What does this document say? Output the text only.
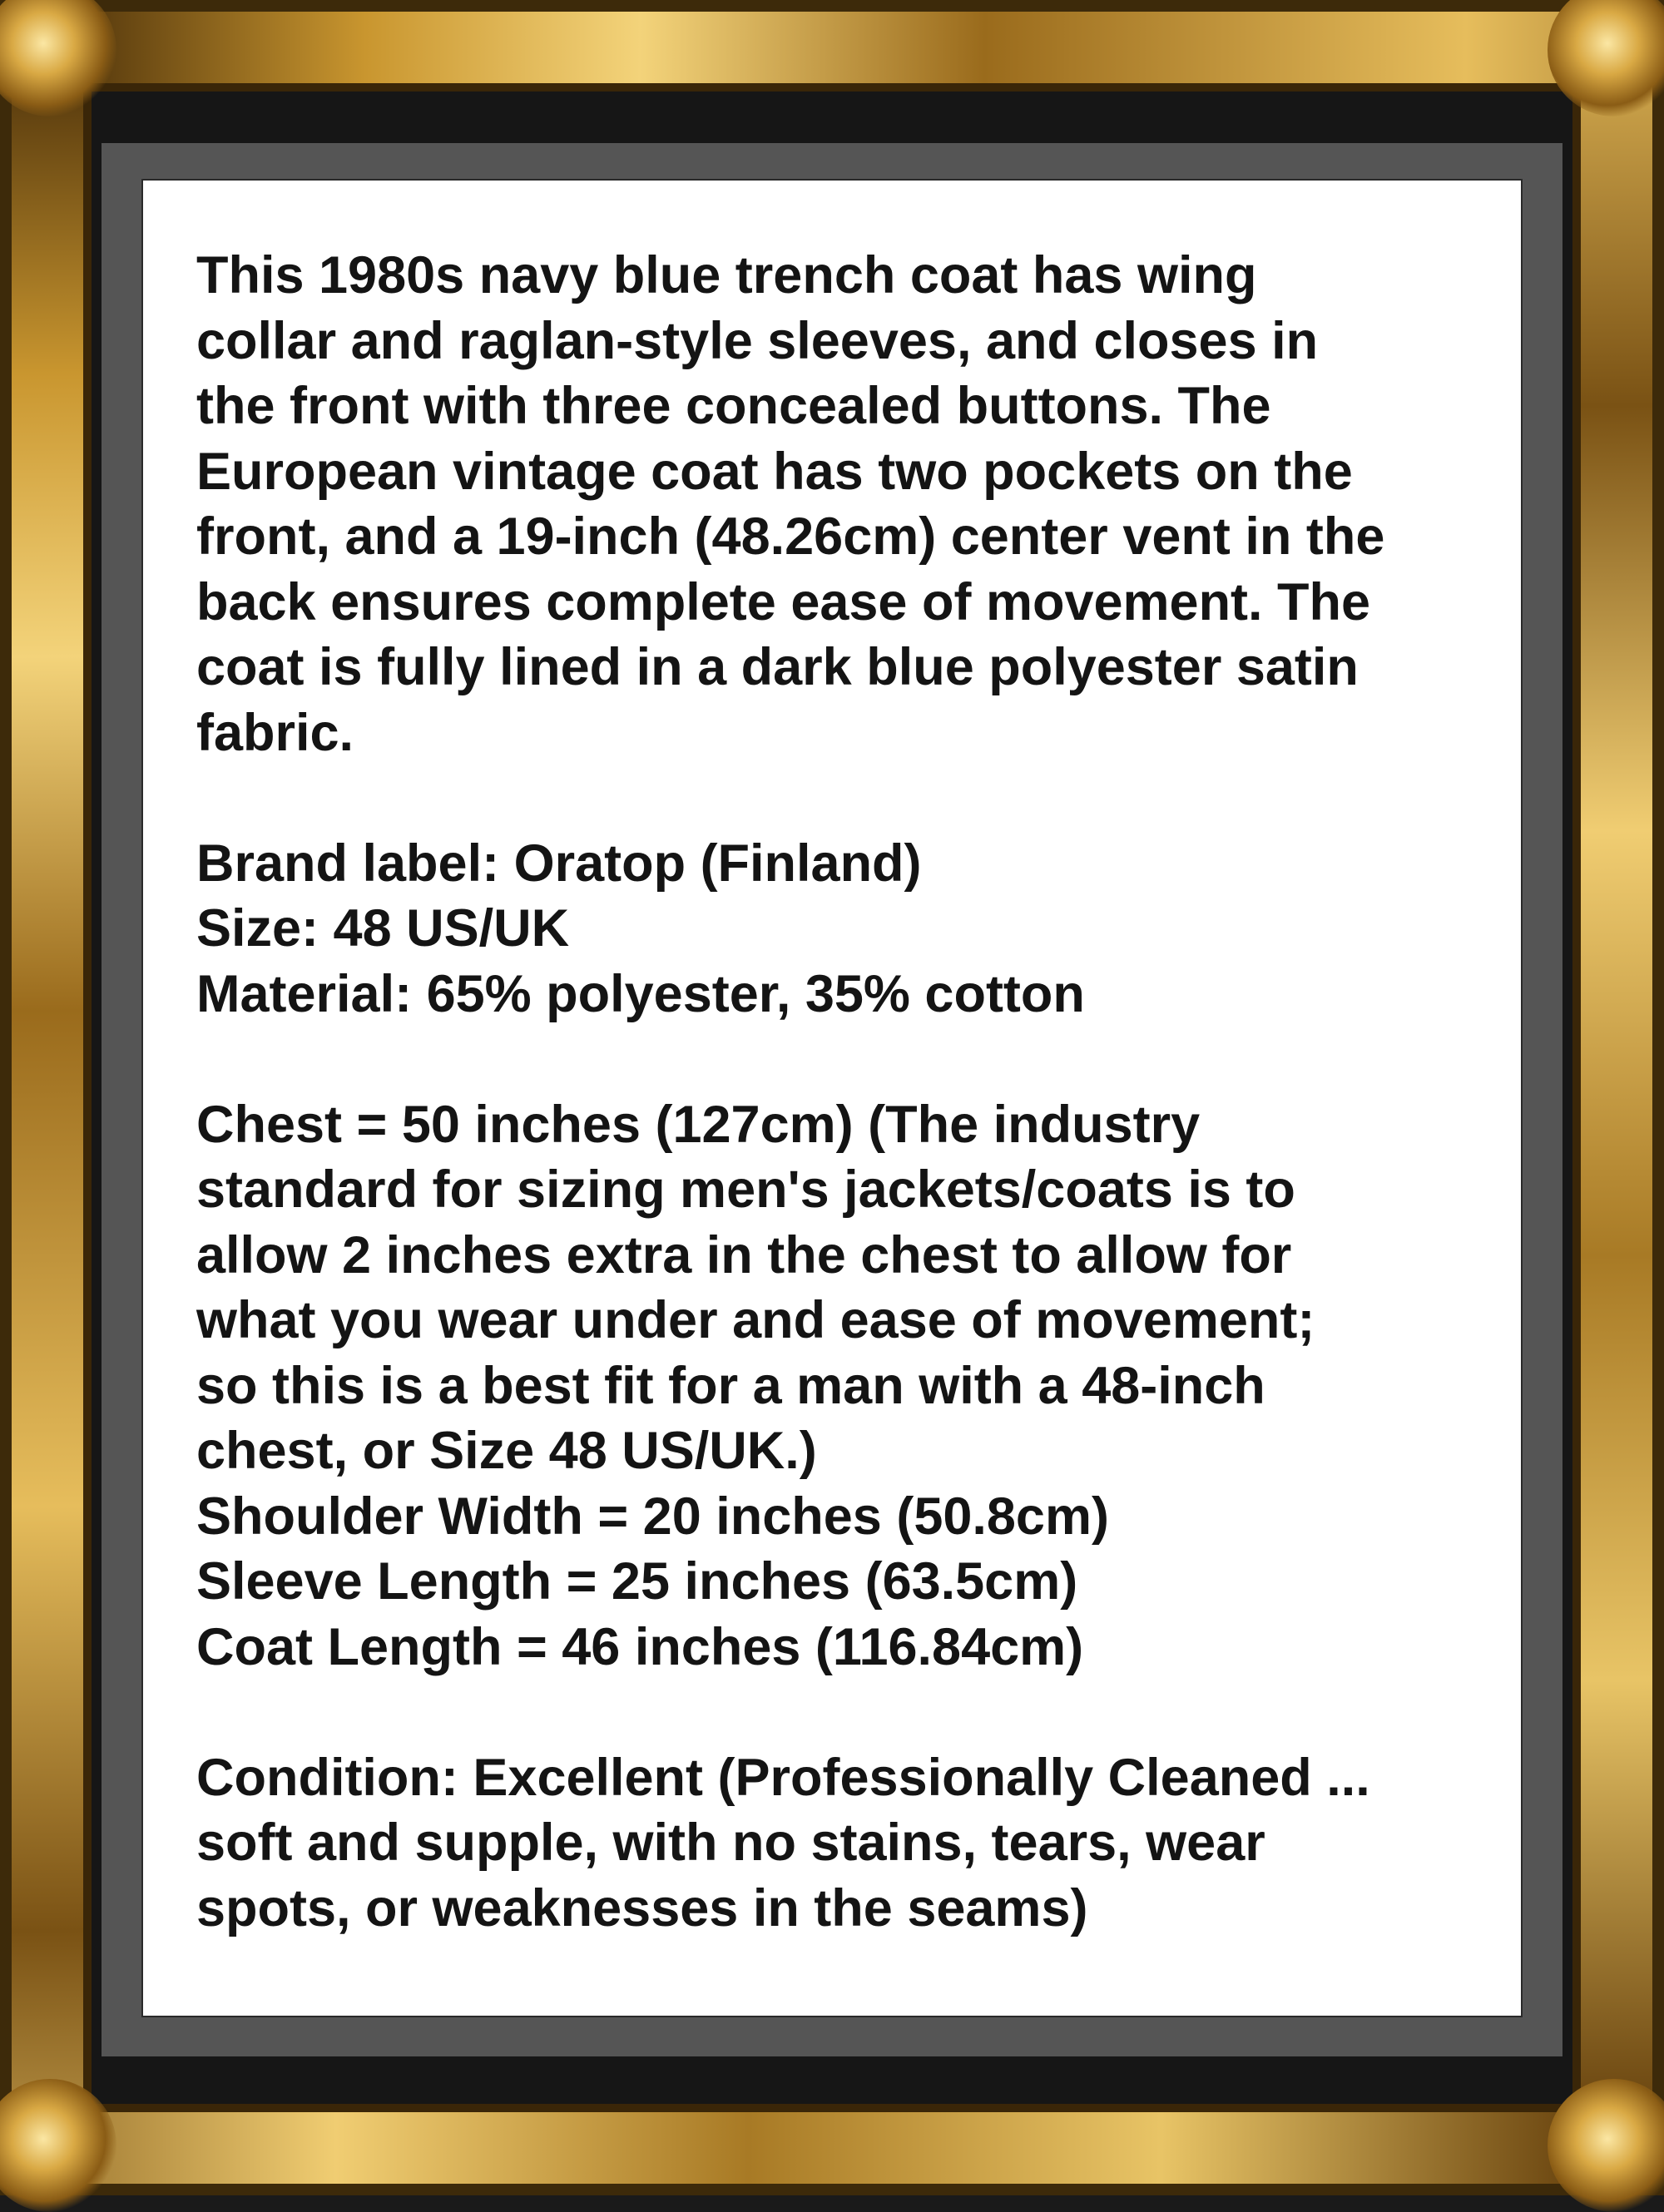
This 1980s navy blue trench coat has wing
collar and raglan-style sleeves, and closes in
the front with three concealed buttons. The
European vintage coat has two pockets on the
front, and a 19-inch (48.26cm) center vent in the
back ensures complete ease of movement. The
coat is fully lined in a dark blue polyester satin
fabric.
Brand label: Oratop (Finland)
Size: 48 US/UK
Material: 65% polyester, 35% cotton
Chest = 50 inches (127cm) (The industry
standard for sizing men's jackets/coats is to
allow 2 inches extra in the chest to allow for
what you wear under and ease of movement;
so this is a best fit for a man with a 48-inch
chest, or Size 48 US/UK.)
Shoulder Width = 20 inches (50.8cm)
Sleeve Length = 25 inches (63.5cm)
Coat Length = 46 inches (116.84cm)
Condition: Excellent (Professionally Cleaned ...
soft and supple, with no stains, tears, wear
spots, or weaknesses in the seams)
